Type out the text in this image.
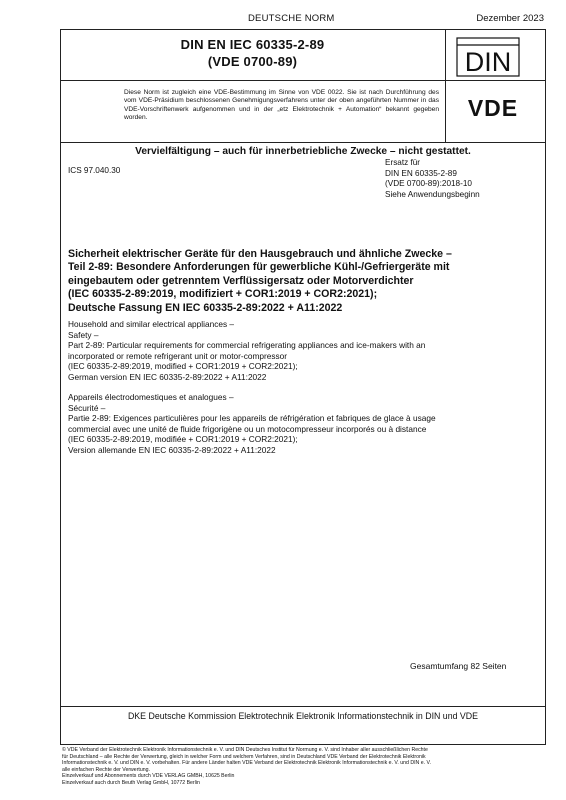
DEUTSCHE NORM	Dezember 2023
DIN EN IEC 60335-2-89
(VDE 0700-89)	DIN
Diese Norm ist zugleich eine VDE-Bestimmung im Sinne von VDE 0022. Sie ist nach Durchführung des vom VDE-Präsidium beschlossenen Genehmigungsverfahrens unter der oben angeführten Nummer in das VDE-Vorschriftenwerk aufgenommen und in der „etz Elektrotechnik + Automation“ bekannt gegeben worden.	VDE
Vervielfältigung – auch für innerbetriebliche Zwecke – nicht gestattet.
ICS 97.040.30
Ersatz für
DIN EN 60335-2-89
(VDE 0700-89):2018-10
Siehe Anwendungsbeginn
Sicherheit elektrischer Geräte für den Hausgebrauch und ähnliche Zwecke –
Teil 2-89: Besondere Anforderungen für gewerbliche Kühl-/Gefriergeräte mit
eingebautem oder getrenntem Verflüssigersatz oder Motorverdichter
(IEC 60335-2-89:2019, modifiziert + COR1:2019 + COR2:2021);
Deutsche Fassung EN IEC 60335-2-89:2022 + A11:2022
Household and similar electrical appliances –
Safety –
Part 2-89: Particular requirements for commercial refrigerating appliances and ice-makers with an
incorporated or remote refrigerant unit or motor-compressor
(IEC 60335-2-89:2019, modified + COR1:2019 + COR2:2021);
German version EN IEC 60335-2-89:2022 + A11:2022
Appareils électrodomestiques et analogues –
Sécurité –
Partie 2-89: Exigences particulières pour les appareils de réfrigération et fabriques de glace à usage
commercial avec une unité de fluide frigorigène ou un motocompresseur incorporés ou à distance
(IEC 60335-2-89:2019, modifiée + COR1:2019 + COR2:2021);
Version allemande EN IEC 60335-2-89:2022 + A11:2022
Gesamtumfang 82 Seiten
DKE Deutsche Kommission Elektrotechnik Elektronik Informationstechnik in DIN und VDE
© VDE Verband der Elektrotechnik Elektronik Informationstechnik e. V. und DIN Deutsches Institut für Normung e. V. sind Inhaber aller ausschließlichen Rechte
für Deutschland – alle Rechte der Verwertung, gleich in welcher Form und welchem Verfahren, sind in Deutschland VDE Verband der Elektrotechnik Elektronik
Informationstechnik e. V. und DIN e. V. vorbehalten. Für andere Länder halten VDE Verband der Elektrotechnik Elektronik Informationstechnik e. V. und DIN e. V.
alle einfachen Rechte der Verwertung.
Einzelverkauf und Abonnements durch VDE VERLAG GMBH, 10625 Berlin
Einzelverkauf auch durch Beuth Verlag GmbH, 10772 Berlin
